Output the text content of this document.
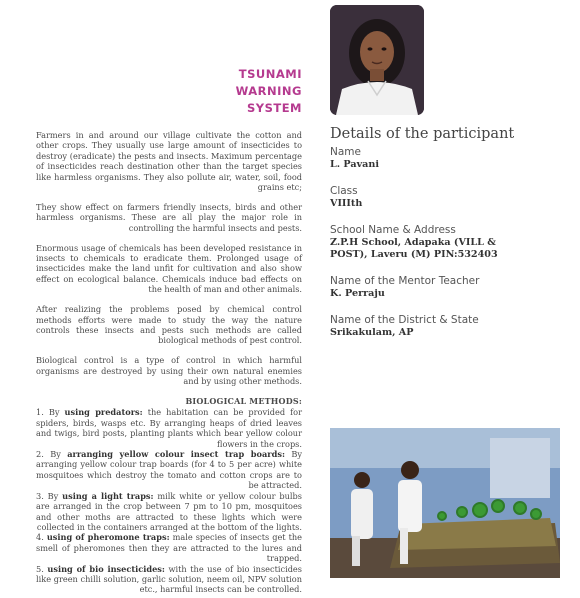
TSUNAMI
WARNING
SYSTEM

Farmers in and around our village cultivate the cotton and other crops. They usually use large amount of insecticides to destroy (eradicate) the pests and insects. Maximum percentage of insecticides reach destination other than the target species like harmless organisms. They also pollute air, water, soil, food grains etc;

They show effect on farmers friendly insects, birds and other harmless organisms. These are all play the major role in controlling the harmful insects and pests.

Enormous usage of chemicals has been developed resistance in insects to chemicals to eradicate them. Prolonged usage of insecticides make the land unfit for cultivation and also show effect on ecological balance. Chemicals induce bad effects on the health of man and other animals.

After realizing the problems posed by chemical control methods efforts were made to study the way the nature controls these insects and pests such methods are called biological methods of pest control.

Biological control is a type of control in which harmful organisms are destroyed by using their own natural enemies and by using other methods.

BIOLOGICAL METHODS:
1. By using predators: the habitation can be provided for spiders, birds, wasps etc. By arranging heaps of dried leaves and twigs, bird posts, planting plants which bear yellow colour flowers in the crops.
2. By arranging yellow colour insect trap boards: By arranging yellow colour trap boards (for 4 to 5 per acre) white mosquitoes which destroy the tomato and cotton crops are to be attracted.
3. By using a light traps: milk white or yellow colour bulbs are arranged in the crop between 7 pm to 10 pm, mosquitoes and other moths are attracted to these lights which were collected in the containers arranged at the bottom of the lights.
4. using of pheromone traps: male species of insects get the smell of pheromones then they are attracted to the lures and trapped.
5. using of bio insecticides: with the use of bio insecticides like green chilli solution, garlic solution, neem oil, NPV solution etc., harmful insects can be controlled.
Details of the participant

Name

L. Pavani

Class

VIIIth

School Name & Address

Z.P.H School, Adapaka (VILL & POST), Laveru (M) PIN:532403

Name of the Mentor Teacher

K. Perraju

Name of the District & State

Srikakulam, AP
